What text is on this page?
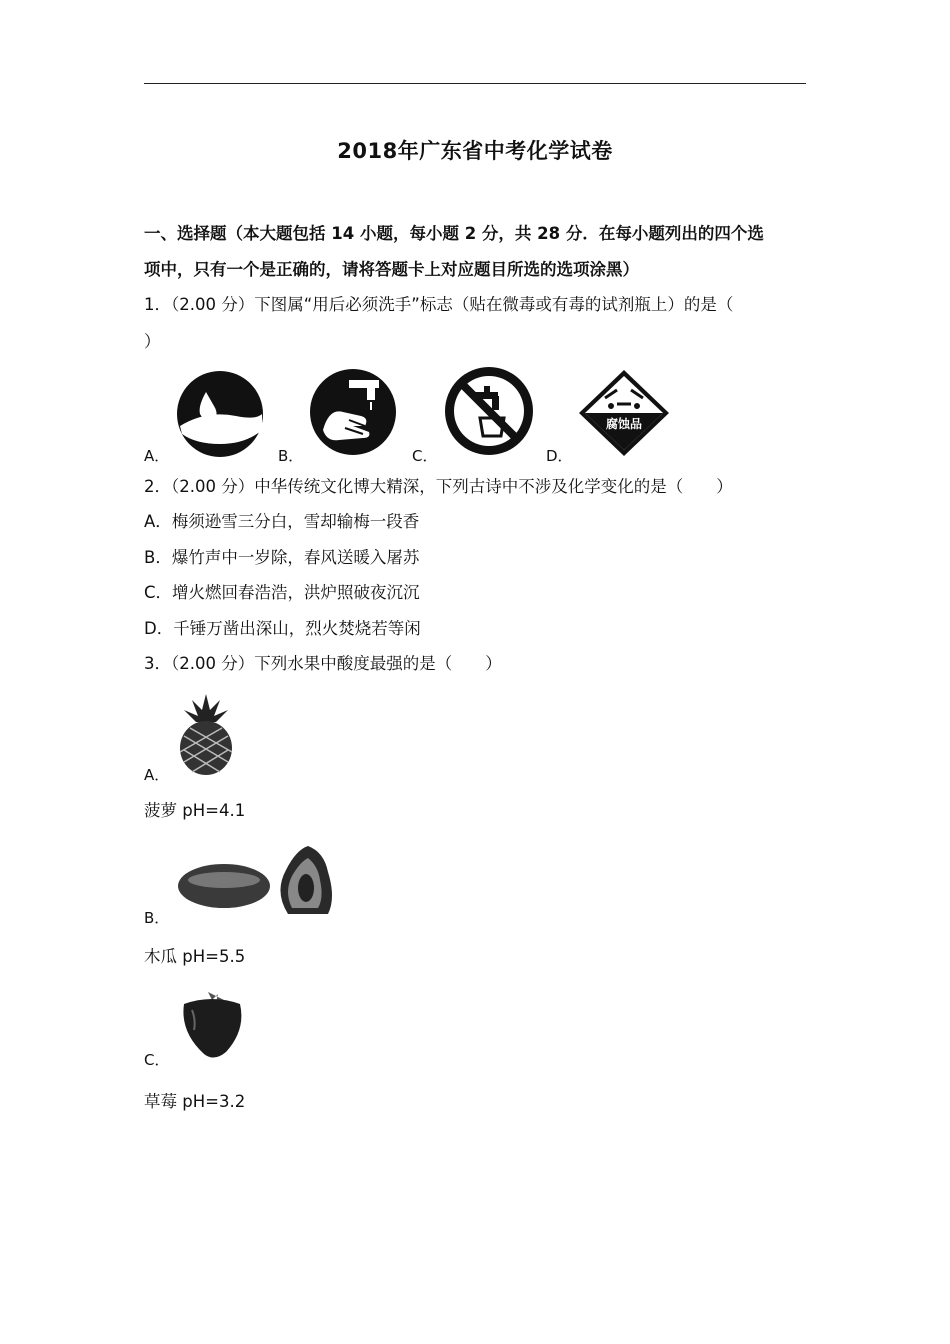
2018年广东省中考化学试卷
一、选择题（本大题包括 14 小题，每小题 2 分，共 28 分．在每小题列出的四个选
项中，只有一个是正确的，请将答题卡上对应题目所选的选项涂黑）
1．（2.00 分）下图属“用后必须洗手”标志（贴在微毒或有毒的试剂瓶上）的是（
）
A．	B．	C．
腐蚀品
D．
2．（2.00 分）中华传统文化博大精深，下列古诗中不涉及化学变化的是（　　）
A．梅须逊雪三分白，雪却输梅一段香
B．爆竹声中一岁除，春风送暖入屠苏
C．增火燃回春浩浩，洪炉照破夜沉沉
D．千锤万凿出深山，烈火焚烧若等闲
3．（2.00 分）下列水果中酸度最强的是（　　）
A．
菠萝 pH=4.1
B．
木瓜 pH=5.5
C．
草莓 pH=3.2
